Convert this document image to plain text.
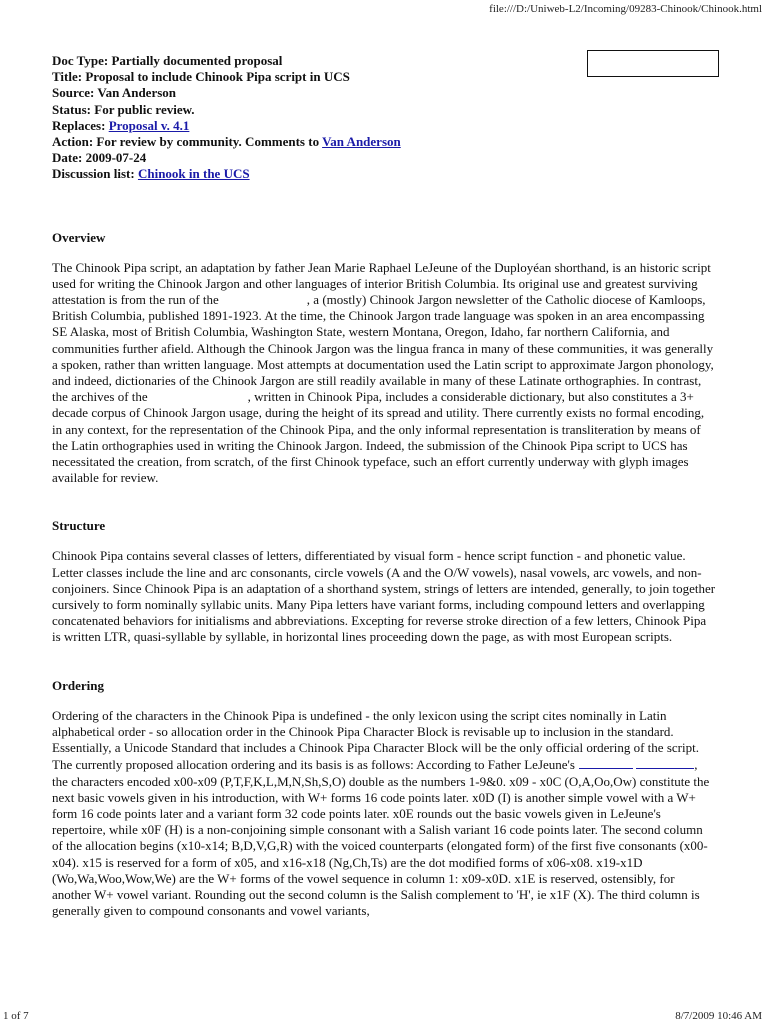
file:///D:/Uniweb-L2/Incoming/09283-Chinook/Chinook.html
Doc Type: Partially documented proposal
Title: Proposal to include Chinook Pipa script in UCS
Source: Van Anderson
Status: For public review.
Replaces: Proposal v. 4.1
Action: For review by community. Comments to Van Anderson
Date: 2009-07-24
Discussion list: Chinook in the UCS
Overview

The Chinook Pipa script, an adaptation by father Jean Marie Raphael LeJeune of the Duployéan shorthand, is an historic script used for writing the Chinook Jargon and other languages of interior British Columbia. Its original use and greatest surviving attestation is from the run of the	, a (mostly) Chinook Jargon newsletter of the Catholic diocese of Kamloops, British Columbia, published 1891-1923. At the time, the Chinook Jargon trade language was spoken in an area encompassing SE Alaska, most of British Columbia, Washington State, western Montana, Oregon, Idaho, far northern California, and communities further afield. Although the Chinook Jargon was the lingua franca in many of these communities, it was generally a spoken, rather than written language. Most attempts at documentation used the Latin script to approximate Jargon phonology, and indeed, dictionaries of the Chinook Jargon are still readily available in many of these Latinate orthographies. In contrast, the archives of the	, written in Chinook Pipa, includes a considerable dictionary, but also constitutes a 3+ decade corpus of Chinook Jargon usage, during the height of its spread and utility. There currently exists no formal encoding, in any context, for the representation of the Chinook Pipa, and the only informal representation is transliteration by means of the Latin orthographies used in writing the Chinook Jargon. Indeed, the submission of the Chinook Pipa script to UCS has necessitated the creation, from scratch, of the first Chinook typeface, such an effort currently underway with glyph images available for review.

Structure

Chinook Pipa contains several classes of letters, differentiated by visual form - hence script function - and phonetic value. Letter classes include the line and arc consonants, circle vowels (A and the O/W vowels), nasal vowels, arc vowels, and non-conjoiners. Since Chinook Pipa is an adaptation of a shorthand system, strings of letters are intended, generally, to join together cursively to form nominally syllabic units. Many Pipa letters have variant forms, including compound letters and overlapping concatenated behaviors for initialisms and abbreviations. Excepting for reverse stroke direction of a few letters, Chinook Pipa is written LTR, quasi-syllable by syllable, in horizontal lines proceeding down the page, as with most European scripts.

Ordering

Ordering of the characters in the Chinook Pipa is undefined - the only lexicon using the script cites nominally in Latin alphabetical order - so allocation order in the Chinook Pipa Character Block is revisable up to inclusion in the standard. Essentially, a Unicode Standard that includes a Chinook Pipa Character Block will be the only official ordering of the script. The currently proposed allocation ordering and its basis is as follows: According to Father LeJeune's	, the characters encoded x00-x09 (P,T,F,K,L,M,N,Sh,S,O) double as the numbers 1-9&0. x09 - x0C (O,A,Oo,Ow) constitute the next basic vowels given in his introduction, with W+ forms 16 code points later. x0D (I) is another simple vowel with a W+ form 16 code points later and a variant form 32 code points later. x0E rounds out the basic vowels given in LeJeune's repertoire, while x0F (H) is a non-conjoining simple consonant with a Salish variant 16 code points later. The second column of the allocation begins (x10-x14; B,D,V,G,R) with the voiced counterparts (elongated form) of the first five consonants (x00-x04). x15 is reserved for a form of x05, and x16-x18 (Ng,Ch,Ts) are the dot modified forms of x06-x08. x19-x1D (Wo,Wa,Woo,Wow,We) are the W+ forms of the vowel sequence in column 1: x09-x0D. x1E is reserved, ostensibly, for another W+ vowel variant. Rounding out the second column is the Salish complement to 'H', ie x1F (X). The third column is generally given to compound consonants and vowel variants,

1 of 7	8/7/2009 10:46 AM
